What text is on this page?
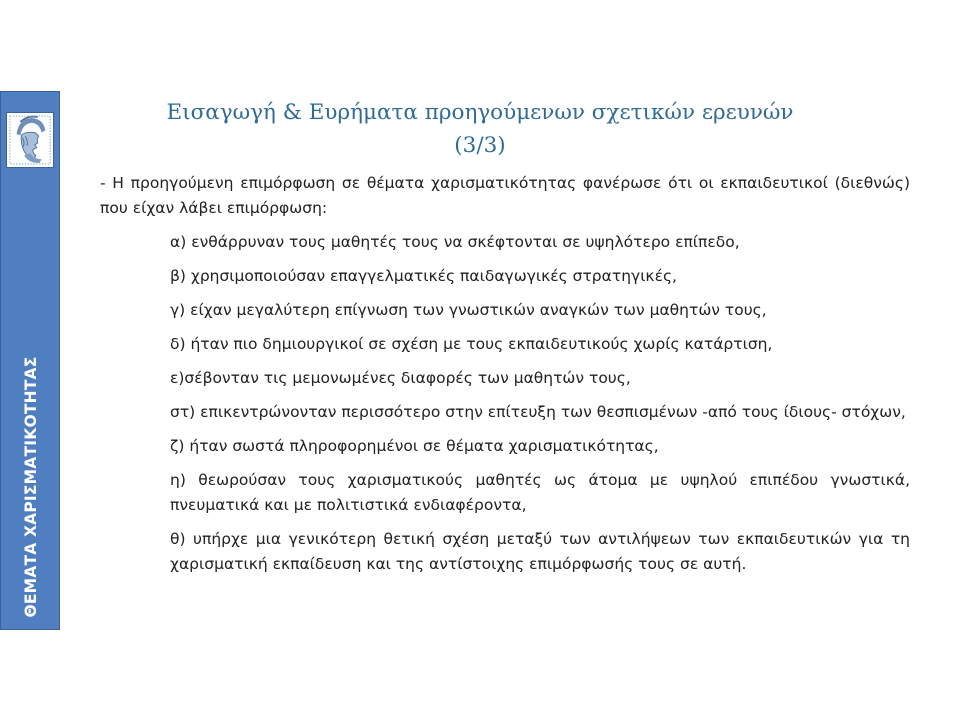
ΘΕΜΑΤΑ ΧΑΡΙΣΜΑΤΙΚΟΤΗΤΑΣ
Εισαγωγή & Ευρήματα προηγούμενων σχετικών ερευνών
(3/3)

- Η προηγούμενη επιμόρφωση σε θέματα χαρισματικότητας φανέρωσε ότι οι εκπαιδευτικοί (διεθνώς) που είχαν λάβει επιμόρφωση:

α) ενθάρρυναν τους μαθητές τους να σκέφτονται σε υψηλότερο επίπεδο,
β) χρησιμοποιούσαν επαγγελματικές παιδαγωγικές στρατηγικές,
γ) είχαν μεγαλύτερη επίγνωση των γνωστικών αναγκών των μαθητών τους,
δ) ήταν πιο δημιουργικοί σε σχέση με τους εκπαιδευτικούς χωρίς κατάρτιση,
ε)σέβονταν τις μεμονωμένες διαφορές των μαθητών τους,
στ) επικεντρώνονταν περισσότερο στην επίτευξη των θεσπισμένων -από τους ίδιους- στόχων,
ζ) ήταν σωστά πληροφορημένοι σε θέματα χαρισματικότητας,
η) θεωρούσαν τους χαρισματικούς μαθητές ως άτομα με υψηλού επιπέδου γνωστικά, πνευματικά και με πολιτιστικά ενδιαφέροντα,
θ) υπήρχε μια γενικότερη θετική σχέση μεταξύ των αντιλήψεων των εκπαιδευτικών για τη χαρισματική εκπαίδευση και της αντίστοιχης επιμόρφωσής τους σε αυτή.
